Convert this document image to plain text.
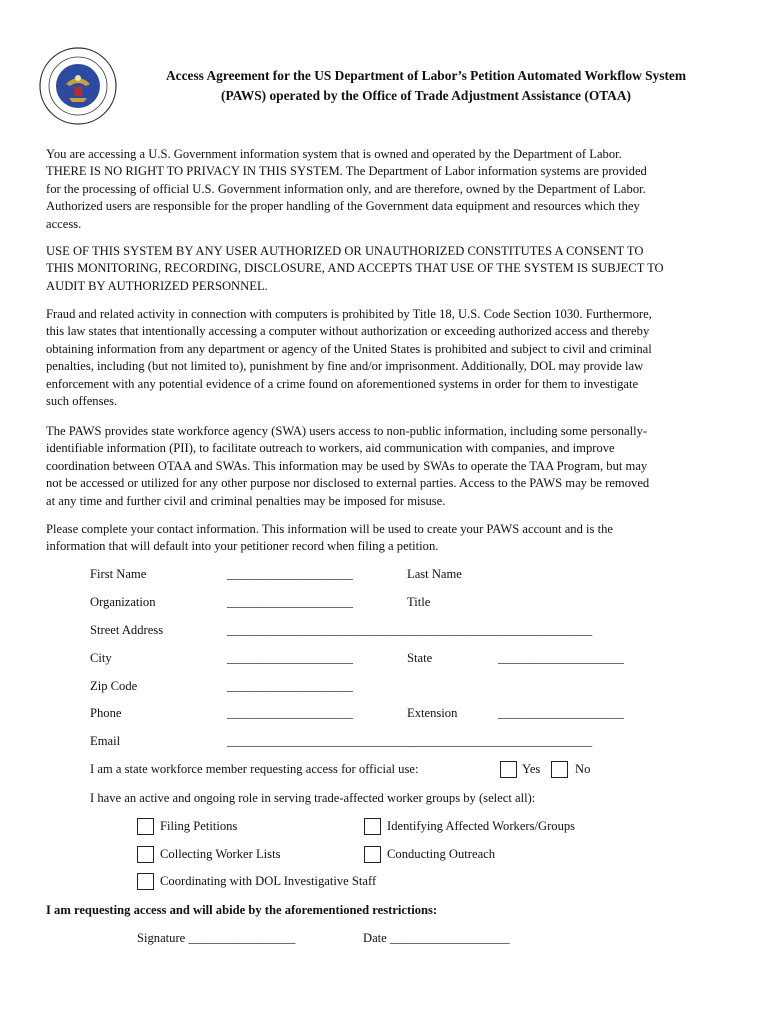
Access Agreement for the US Department of Labor’s Petition Automated Workflow System
(PAWS) operated by the Office of Trade Adjustment Assistance (OTAA)
You are accessing a U.S. Government information system that is owned and operated by the Department of Labor.
THERE IS NO RIGHT TO PRIVACY IN THIS SYSTEM. The Department of Labor information systems are provided
for the processing of official U.S. Government information only, and are therefore, owned by the Department of Labor.
Authorized users are responsible for the proper handling of the Government data equipment and resources which they
access.
USE OF THIS SYSTEM BY ANY USER AUTHORIZED OR UNAUTHORIZED CONSTITUTES A CONSENT TO
THIS MONITORING, RECORDING, DISCLOSURE, AND ACCEPTS THAT USE OF THE SYSTEM IS SUBJECT TO
AUDIT BY AUTHORIZED PERSONNEL.
Fraud and related activity in connection with computers is prohibited by Title 18, U.S. Code Section 1030. Furthermore,
this law states that intentionally accessing a computer without authorization or exceeding authorized access and thereby
obtaining information from any department or agency of the United States is prohibited and subject to civil and criminal
penalties, including (but not limited to), punishment by fine and/or imprisonment. Additionally, DOL may provide law
enforcement with any potential evidence of a crime found on aforementioned systems in order for them to investigate
such offenses.
The PAWS provides state workforce agency (SWA) users access to non-public information, including some personally-
identifiable information (PII), to facilitate outreach to workers, aid communication with companies, and improve
coordination between OTAA and SWAs. This information may be used by SWAs to operate the TAA Program, but may
not be accessed or utilized for any other purpose nor disclosed to external parties. Access to the PAWS may be removed
at any time and further civil and criminal penalties may be imposed for misuse.
Please complete your contact information. This information will be used to create your PAWS account and is the
information that will default into your petitioner record when filing a petition.
First Name	____________________	Last Name
Organization	____________________	Title
Street Address	__________________________________________________________
City	____________________	State	____________________
Zip Code	____________________
Phone	____________________	Extension	____________________
Email	__________________________________________________________
I am a state workforce member requesting access for official use:	Yes	No
I have an active and ongoing role in serving trade-affected worker groups by (select all):
Filing Petitions	Identifying Affected Workers/Groups
Collecting Worker Lists	Conducting Outreach
Coordinating with DOL Investigative Staff
I am requesting access and will abide by the aforementioned restrictions:
Signature _________________	Date ___________________
